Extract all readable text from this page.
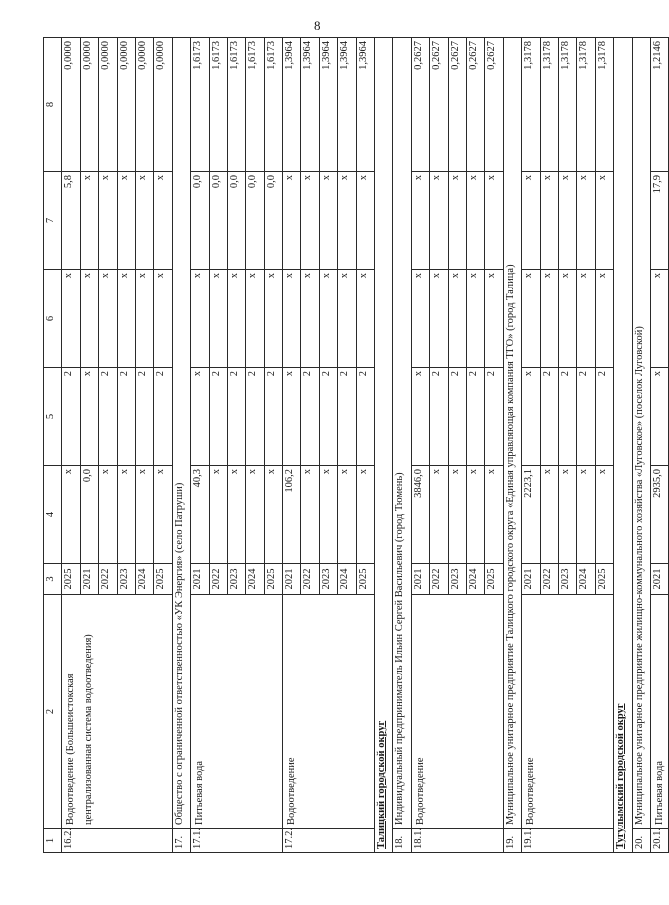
8
1	2	3	4	5	6	7	8
16.2.	Водоотведение (Большеистокская централизованная система водоотведения)	2025	x	2	x	5,8	0,0000
		2021	0,0	x	x	x	0,0000
		2022	x	2	x	x	0,0000
		2023	x	2	x	x	0,0000
		2024	x	2	x	x	0,0000
		2025	x	2	x	x	0,0000
17.	Общество с ограниченной ответственностью «УК Энергия» (село Патруши)						
17.1.	Питьевая вода	2021	40,3	x	x	0,0	1,6173
		2022	x	2	x	0,0	1,6173
		2023	x	2	x	0,0	1,6173
		2024	x	2	x	0,0	1,6173
		2025	x	2	x	0,0	1,6173
17.2.	Водоотведение	2021	106,2	x	x	x	1,3964
		2022	x	2	x	x	1,3964
		2023	x	2	x	x	1,3964
		2024	x	2	x	x	1,3964
		2025	x	2	x	x	1,3964
Талицкий городской округ							
18.	Индивидуальный предприниматель Ильин Сергей Васильевич (город Тюмень)						
18.1.	Водоотведение	2021	3846,0	x	x	x	0,2627
		2022	x	2	x	x	0,2627
		2023	x	2	x	x	0,2627
		2024	x	2	x	x	0,2627
		2025	x	2	x	x	0,2627
19.	Муниципальное унитарное предприятие Талицкого городского округа «Единая управляющая компания ТГО» (город Талица)						
19.1.	Водоотведение	2021	2223,1	x	x	x	1,3178
		2022	x	2	x	x	1,3178
		2023	x	2	x	x	1,3178
		2024	x	2	x	x	1,3178
		2025	x	2	x	x	1,3178
Тугулымский городской округ							
20.	Муниципальное унитарное предприятие жилищно-коммунального хозяйства «Луговское» (поселок Луговской)						
20.1.	Питьевая вода	2021	2935,0	x	x	17,9	1,2146
